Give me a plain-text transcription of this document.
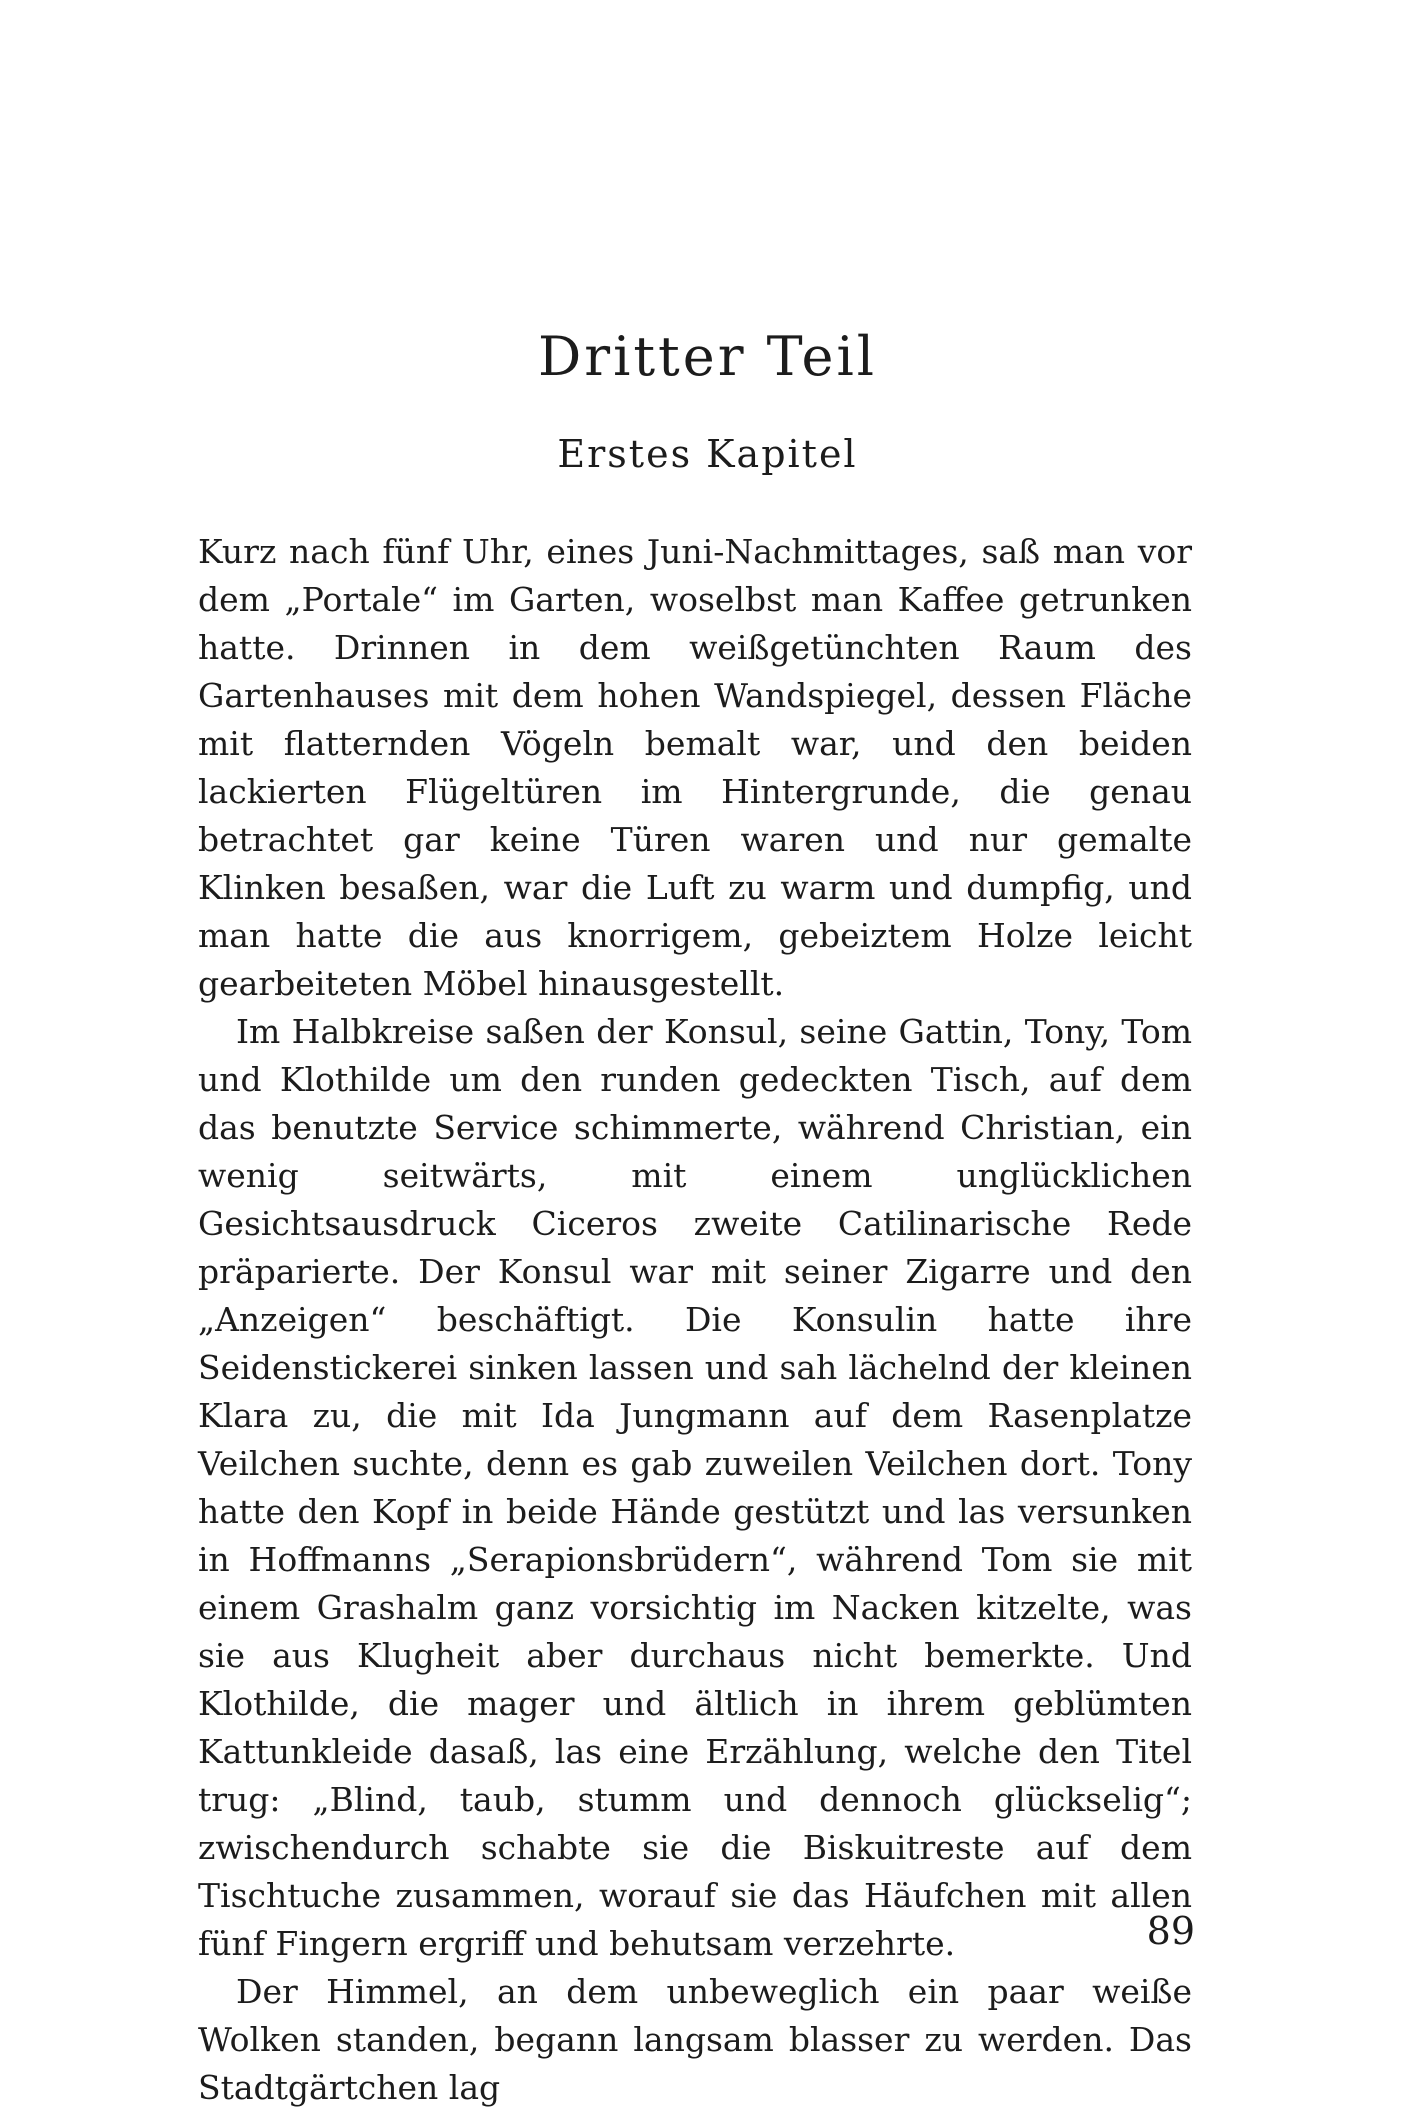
Dritter Teil
Erstes Kapitel

Kurz nach fünf Uhr, eines Juni-Nachmittages, saß man vor dem „Portale“ im Garten, woselbst man Kaffee getrunken hatte. Drinnen in dem weißgetünchten Raum des Gartenhauses mit dem hohen Wandspiegel, dessen Fläche mit flatternden Vögeln bemalt war, und den beiden lackierten Flügeltüren im Hintergrunde, die genau betrachtet gar keine Türen waren und nur gemalte Klinken besaßen, war die Luft zu warm und dumpfig, und man hatte die aus knorrigem, gebeiztem Holze leicht gearbeiteten Möbel hinausgestellt.

Im Halbkreise saßen der Konsul, seine Gattin, Tony, Tom und Klothilde um den runden gedeckten Tisch, auf dem das benutzte Service schimmerte, während Christian, ein wenig seitwärts, mit einem unglücklichen Gesichtsausdruck Ciceros zweite Catilinarische Rede präparierte. Der Konsul war mit seiner Zigarre und den „Anzeigen“ beschäftigt. Die Konsulin hatte ihre Seidenstickerei sinken lassen und sah lächelnd der kleinen Klara zu, die mit Ida Jungmann auf dem Rasenplatze Veilchen suchte, denn es gab zuweilen Veilchen dort. Tony hatte den Kopf in beide Hände gestützt und las versunken in Hoffmanns „Serapionsbrüdern“, während Tom sie mit einem Grashalm ganz vorsichtig im Nacken kitzelte, was sie aus Klugheit aber durchaus nicht bemerkte. Und Klothilde, die mager und ältlich in ihrem geblümten Kattunkleide dasaß, las eine Erzählung, welche den Titel trug: „Blind, taub, stumm und dennoch glückselig“; zwischendurch schabte sie die Biskuitreste auf dem Tischtuche zusammen, worauf sie das Häufchen mit allen fünf Fingern ergriff und behutsam verzehrte.

Der Himmel, an dem unbeweglich ein paar weiße Wolken standen, begann langsam blasser zu werden. Das Stadtgärtchen lag

89
